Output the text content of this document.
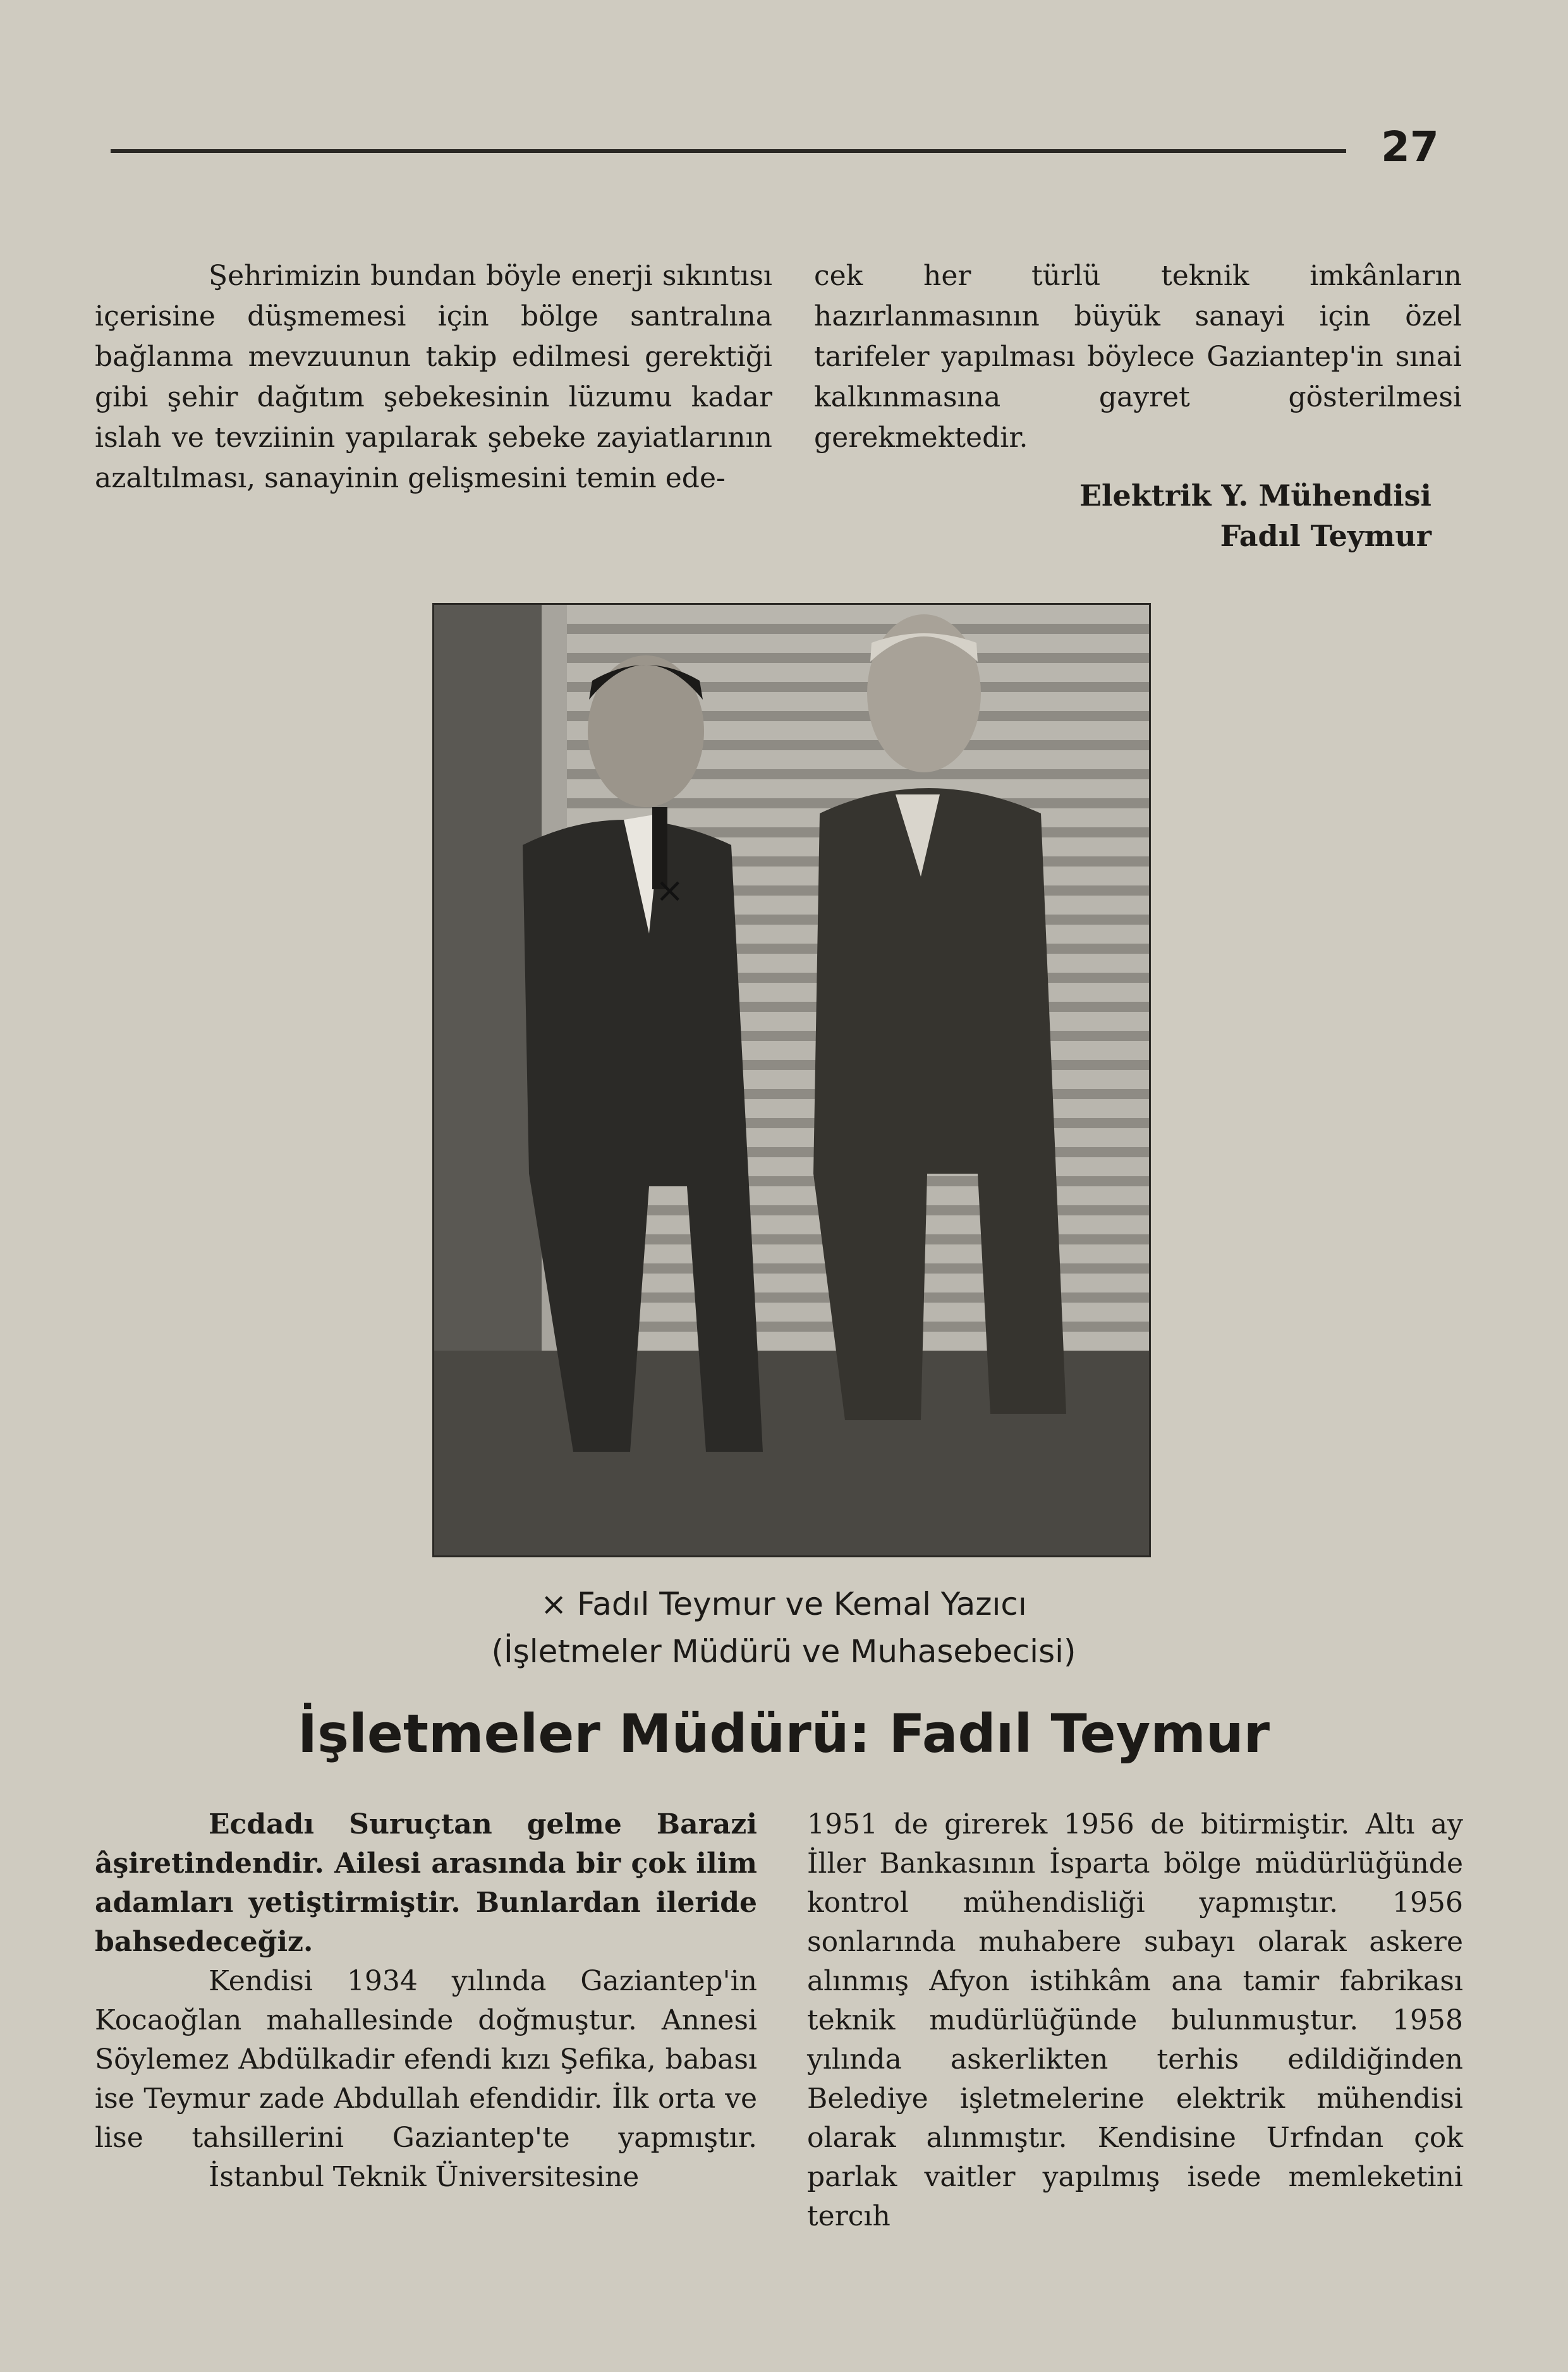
27

Şehrimizin bundan böyle enerji sıkıntısı içerisine düşmemesi için bölge santralına bağlanma mevzuunun takip edilmesi gerektiği gibi şehir dağıtım şebekesinin lüzumu kadar islah ve tevziinin yapılarak şebeke zayiatlarının azaltılması, sanayinin gelişmesini temin ede-

cek her türlü teknik imkânların hazırlanmasının büyük sanayi için özel tarifeler yapılması böylece Gaziantep'in sınai kalkınmasına gayret gösterilmesi gerekmektedir.

Elektrik Y. Mühendisi
Fadıl Teymur
×
× Fadıl Teymur ve Kemal Yazıcı
(İşletmeler Müdürü ve Muhasebecisi)
İşletmeler Müdürü: Fadıl Teymur

Ecdadı Suruçtan gelme Barazi âşiretindendir. Ailesi arasında bir çok ilim adamları yetiştirmiştir. Bunlardan ileride bahsedeceğiz.

Kendisi 1934 yılında Gaziantep'in Kocaoğlan mahallesinde doğmuştur. Annesi Söylemez Abdülkadir efendi kızı Şefika, babası ise Teymur zade Abdullah efendidir. İlk orta ve lise tahsillerini Gaziantep'te yapmıştır.

İstanbul Teknik Üniversitesine

1951 de girerek 1956 de bitirmiştir. Altı ay İller Bankasının İsparta bölge müdürlüğünde kontrol mühendisliği yapmıştır. 1956 sonlarında muhabere subayı olarak askere alınmış Afyon istihkâm ana tamir fabrikası teknik mudürlüğünde bulunmuştur. 1958 yılında askerlikten terhis edildiğinden Belediye işletmelerine elektrik mühendisi olarak alınmıştır. Kendisine Urfndan çok parlak vaitler yapılmış isede memleketini tercıh
